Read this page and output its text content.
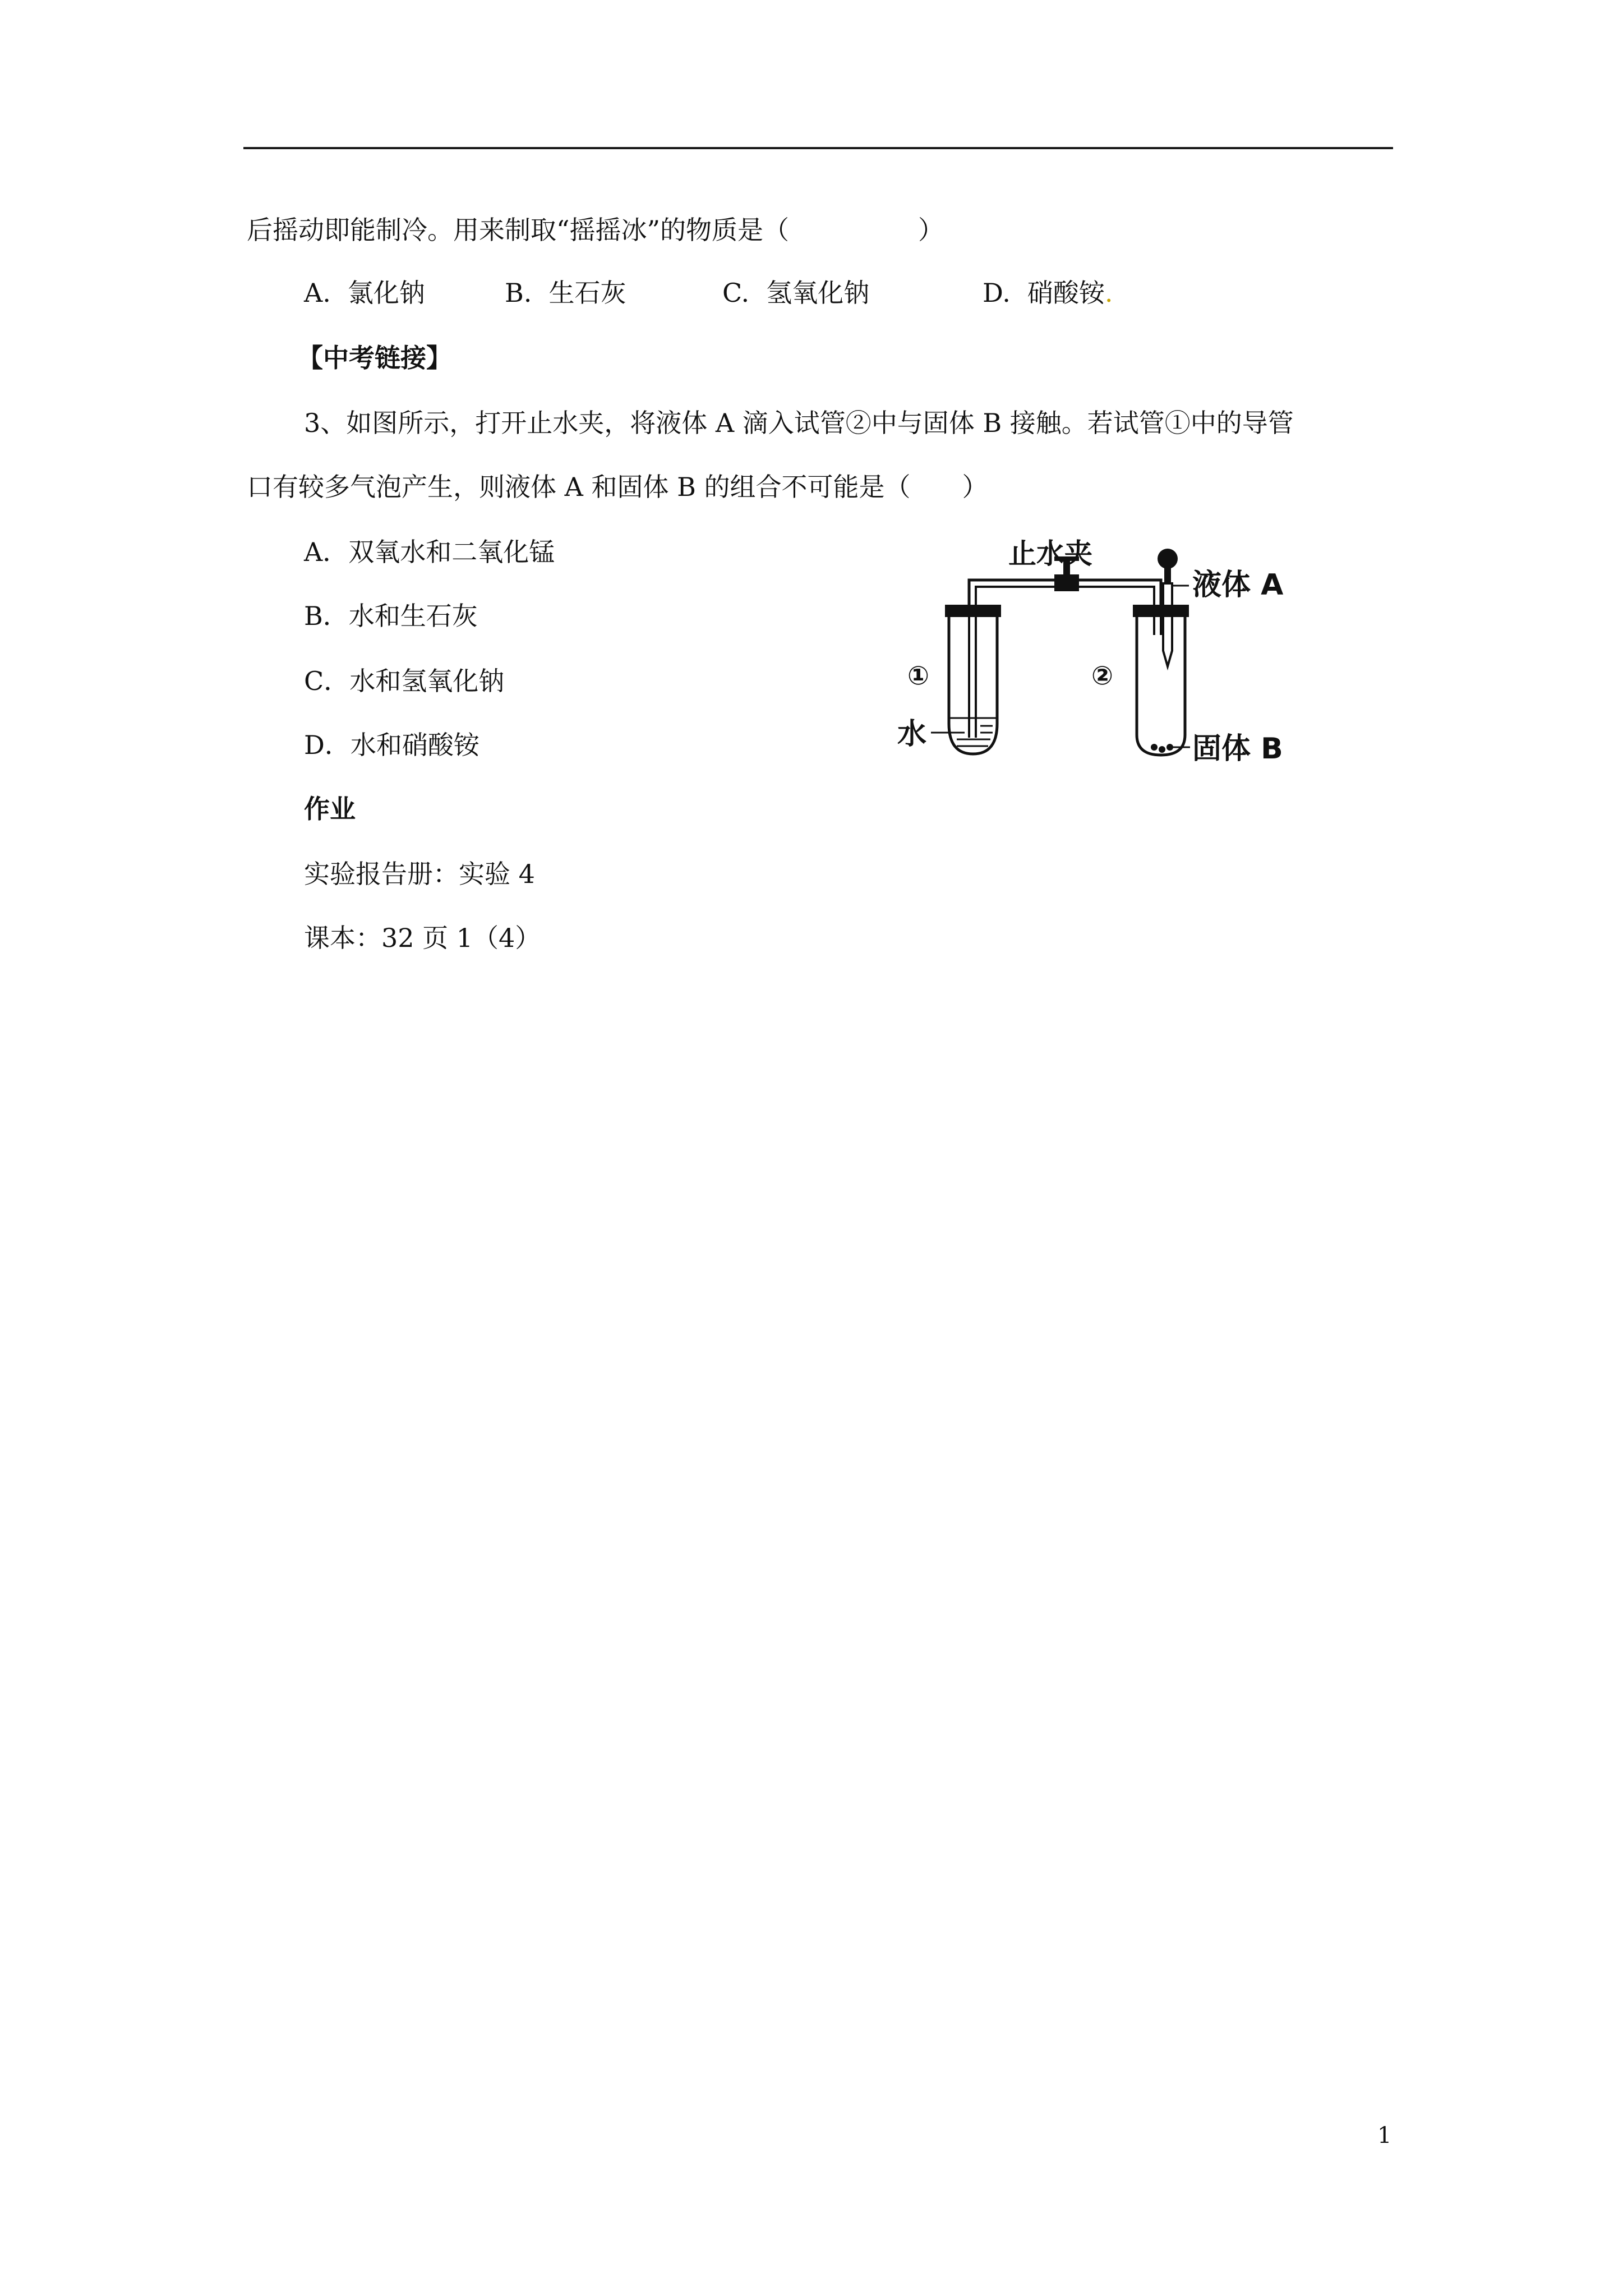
后摇动即能制冷。用来制取“摇摇冰”的物质是（　　　　　）
A. 氯化钠	B. 生石灰	C. 氢氧化钠	D. 硝酸铵.
【中考链接】
3、如图所示，打开止水夹，将液体 A 滴入试管②中与固体 B 接触。若试管①中的导管
口有较多气泡产生，则液体 A 和固体 B 的组合不可能是（　　）
A．双氧水和二氧化锰
B．水和生石灰
C．水和氢氧化钠
D．水和硝酸铵
止水夹
液体 A
①	②
水	固体 B
作业
实验报告册：实验 4
课本：32 页 1（4）
1
